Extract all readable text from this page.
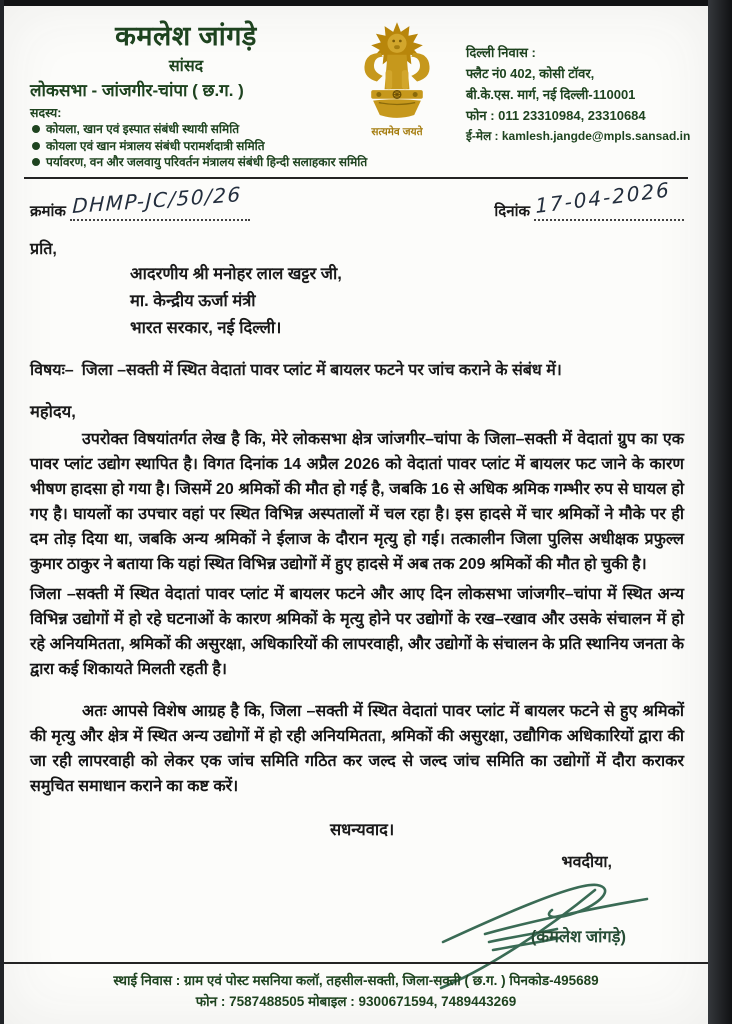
कमलेश जांगड़े
सांसद
लोकसभा - जांजगीर-चांपा ( छ.ग. )
सदस्य:
कोयला, खान एवं इस्पात संबंधी स्थायी समिति
कोयला एवं खान मंत्रालय संबंधी परामर्शदात्री समिति
पर्यावरण, वन और जलवायु परिवर्तन मंत्रालय संबंधी हिन्दी सलाहकार समिति
सत्यमेव जयते
दिल्ली निवास :
फ्लैट नं0 402, कोसी टॉवर,
बी.के.एस. मार्ग, नई दिल्ली-110001
फोन : 011 23310984, 23310684
ई-मेल : kamlesh.jangde@mpls.sansad.in
क्रमांक DHMP-JC/50/26	दिनांक 17-04-2026
प्रति,
आदरणीय श्री मनोहर लाल खट्टर जी,
मा. केन्द्रीय ऊर्जा मंत्री
भारत सरकार, नई दिल्ली।
विषयः– जिला –सक्ती में स्थित वेदातां पावर प्लांट में बायलर फटने पर जांच कराने के संबंध में।
महोदय,
उपरोक्त विषयांतर्गत लेख है कि, मेरे लोकसभा क्षेत्र जांजगीर–चांपा के जिला–सक्ती में वेदातां ग्रुप का एक पावर प्लांट उद्योग स्थापित है। विगत दिनांक 14 अप्रैल 2026 को वेदातां पावर प्लांट में बायलर फट जाने के कारण भीषण हादसा हो गया है। जिसमें 20 श्रमिकों की मौत हो गई है, जबकि 16 से अधिक श्रमिक गम्भीर रुप से घायल हो गए है। घायलों का उपचार वहां पर स्थित विभिन्न अस्पतालों में चल रहा है। इस हादसे में चार श्रमिकों ने मौके पर ही दम तोड़ दिया था, जबकि अन्य श्रमिकों ने ईलाज के दौरान मृत्यु हो गई। तत्कालीन जिला पुलिस अधीक्षक प्रफुल्ल कुमार ठाकुर ने बताया कि यहां स्थित विभिन्न उद्योगों में हुए हादसे में अब तक 209 श्रमिकों की मौत हो चुकी है।
जिला –सक्ती में स्थित वेदातां पावर प्लांट में बायलर फटने और आए दिन लोकसभा जांजगीर–चांपा में स्थित अन्य विभिन्न उद्योगों में हो रहे घटनाओं के कारण श्रमिकों के मृत्यु होने पर उद्योगों के रख–रखाव और उसके संचालन में हो रहे अनियमितता, श्रमिकों की असुरक्षा, अधिकारियों की लापरवाही, और उद्योगों के संचालन के प्रति स्थानिय जनता के द्वारा कई शिकायते मिलती रहती है।
अतः आपसे विशेष आग्रह है कि, जिला –सक्ती में स्थित वेदातां पावर प्लांट में बायलर फटने से हुए श्रमिकों की मृत्यु और क्षेत्र में स्थित अन्य उद्योगों में हो रही अनियमितता, श्रमिकों की असुरक्षा, उद्यौगिक अधिकारियों द्वारा की जा रही लापरवाही को लेकर एक जांच समिति गठित कर जल्द से जल्द जांच समिति का उद्योगों में दौरा कराकर समुचित समाधान कराने का कष्ट करें।
सधन्यवाद।
भवदीया,
(कमलेश जांगड़े)
स्थाई निवास : ग्राम एवं पोस्ट मसनिया कलॉ, तहसील-सक्ती, जिला-सक्ती ( छ.ग. ) पिनकोड-495689
फोन : 7587488505 मोबाइल : 9300671594, 7489443269
